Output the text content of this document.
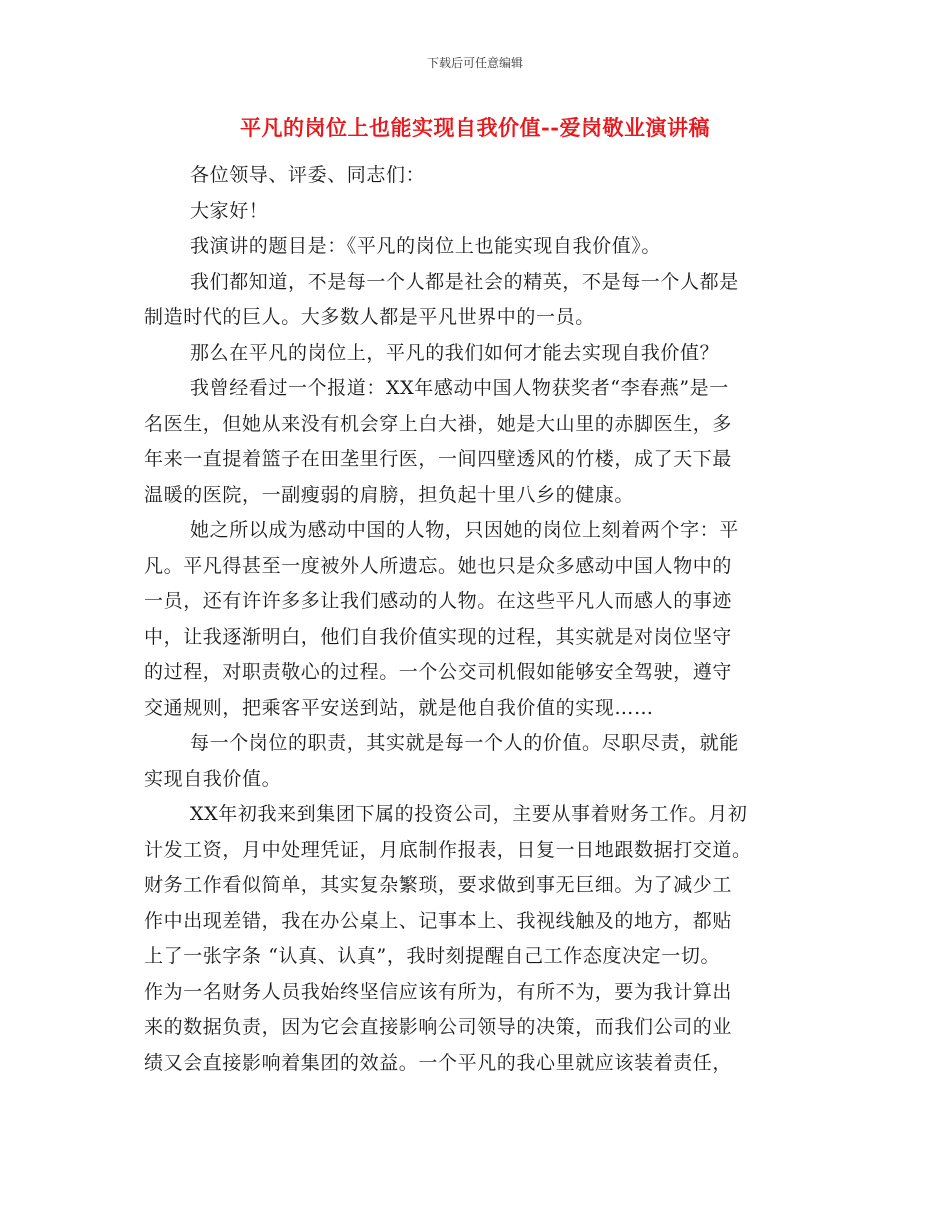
下载后可任意编辑
平凡的岗位上也能实现自我价值--爱岗敬业演讲稿
各位领导、评委、同志们：
大家好！
我演讲的题目是：《平凡的岗位上也能实现自我价值》。
我们都知道，不是每一个人都是社会的精英，不是每一个人都是
制造时代的巨人。大多数人都是平凡世界中的一员。
那么在平凡的岗位上，平凡的我们如何才能去实现自我价值？
我曾经看过一个报道：XX年感动中国人物获奖者“李春燕”是一
名医生，但她从来没有机会穿上白大褂，她是大山里的赤脚医生，多
年来一直提着篮子在田垄里行医，一间四壁透风的竹楼，成了天下最
温暖的医院，一副瘦弱的肩膀，担负起十里八乡的健康。
她之所以成为感动中国的人物，只因她的岗位上刻着两个字：平
凡。平凡得甚至一度被外人所遗忘。她也只是众多感动中国人物中的
一员，还有许许多多让我们感动的人物。在这些平凡人而感人的事迹
中，让我逐渐明白，他们自我价值实现的过程，其实就是对岗位坚守
的过程，对职责敬心的过程。一个公交司机假如能够安全驾驶，遵守
交通规则，把乘客平安送到站，就是他自我价值的实现……
每一个岗位的职责，其实就是每一个人的价值。尽职尽责，就能
实现自我价值。
XX年初我来到集团下属的投资公司，主要从事着财务工作。月初
计发工资，月中处理凭证，月底制作报表，日复一日地跟数据打交道。
财务工作看似简单，其实复杂繁琐，要求做到事无巨细。为了减少工
作中出现差错，我在办公桌上、记事本上、我视线触及的地方，都贴
上了一张字条 “认真、认真”，我时刻提醒自己工作态度决定一切。
作为一名财务人员我始终坚信应该有所为，有所不为，要为我计算出
来的数据负责，因为它会直接影响公司领导的决策，而我们公司的业
绩又会直接影响着集团的效益。一个平凡的我心里就应该装着责任，
